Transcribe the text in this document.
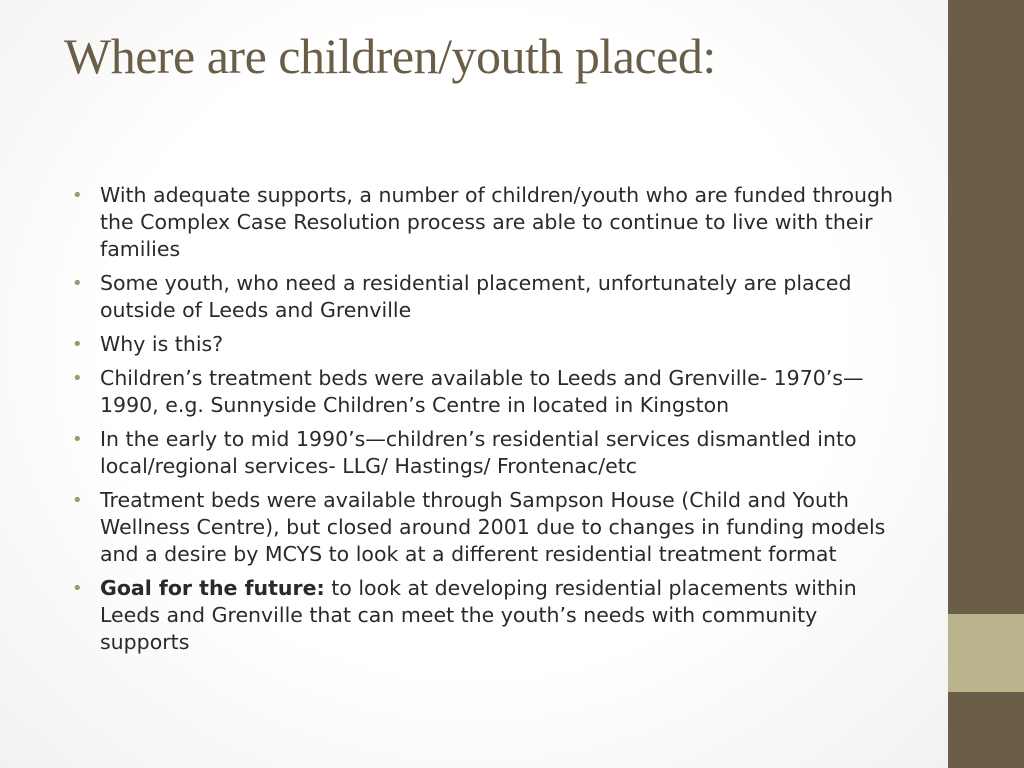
Where are children/youth placed:
• With adequate supports, a number of children/youth who are funded through the Complex Case Resolution process are able to continue to live with their families
• Some youth, who need a residential placement, unfortunately are placed outside of Leeds and Grenville
• Why is this?
• Children’s treatment beds were available to Leeds and Grenville- 1970’s—1990, e.g. Sunnyside Children’s Centre in located in Kingston
• In the early to mid 1990’s—children’s residential services dismantled into local/regional services- LLG/ Hastings/ Frontenac/etc
• Treatment beds were available through Sampson House (Child and Youth Wellness Centre), but closed around 2001 due to changes in funding models and a desire by MCYS to look at a different residential treatment format
• Goal for the future: to look at developing residential placements within Leeds and Grenville that can meet the youth’s needs with community supports
